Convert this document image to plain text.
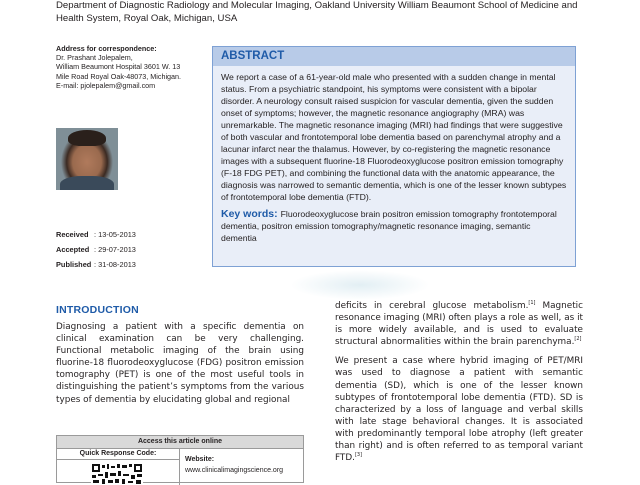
Department of Diagnostic Radiology and Molecular Imaging, Oakland University William Beaumont School of Medicine and Health System, Royal Oak, Michigan, USA
Address for correspondence:
Dr. Prashant Jolepalem,
William Beaumont Hospital 3601 W. 13
Mile Road Royal Oak-48073, Michigan.
E-mail: pjolepalem@gmail.com
Received : 13-05-2013
Accepted : 29-07-2013
Published : 31-08-2013
ABSTRACT
We report a case of a 61-year-old male who presented with a sudden change in mental status. From a psychiatric standpoint, his symptoms were consistent with a bipolar disorder. A neurology consult raised suspicion for vascular dementia, given the sudden onset of symptoms; however, the magnetic resonance angiography (MRA) was unremarkable. The magnetic resonance imaging (MRI) had findings that were suggestive of both vascular and frontotemporal lobe dementia based on parenchymal atrophy and a lacunar infarct near the thalamus. However, by co-registering the magnetic resonance images with a subsequent fluorine-18 Fluorodeoxyglucose positron emission tomography (F-18 FDG PET), and combining the functional data with the anatomic appearance, the diagnosis was narrowed to semantic dementia, which is one of the lesser known subtypes of frontotemporal lobe dementia (FTD).
Key words: Fluorodeoxyglucose brain positron emission tomography frontotemporal dementia, positron emission tomography/magnetic resonance imaging, semantic dementia
INTRODUCTION

Diagnosing a patient with a specific dementia on clinical examination can be very challenging. Functional metabolic imaging of the brain using fluorine-18 fluorodeoxyglucose (FDG) positron emission tomography (PET) is one of the most useful tools in distinguishing the patient’s symptoms from the various types of dementia by elucidating global and regional

deficits in cerebral glucose metabolism.[1] Magnetic resonance imaging (MRI) often plays a role as well, as it is more widely available, and is used to evaluate structural abnormalities within the brain parenchyma.[2]

We present a case where hybrid imaging of PET/MRI was used to diagnose a patient with semantic dementia (SD), which is one of the lesser known subtypes of frontotemporal lobe dementia (FTD). SD is characterized by a loss of language and verbal skills with late stage behavioral changes. It is associated with predominantly temporal lobe atrophy (left greater than right) and is often referred to as temporal variant FTD.[3]

Access this article online
Quick Response Code:
Website:
www.clinicalimagingscience.org
